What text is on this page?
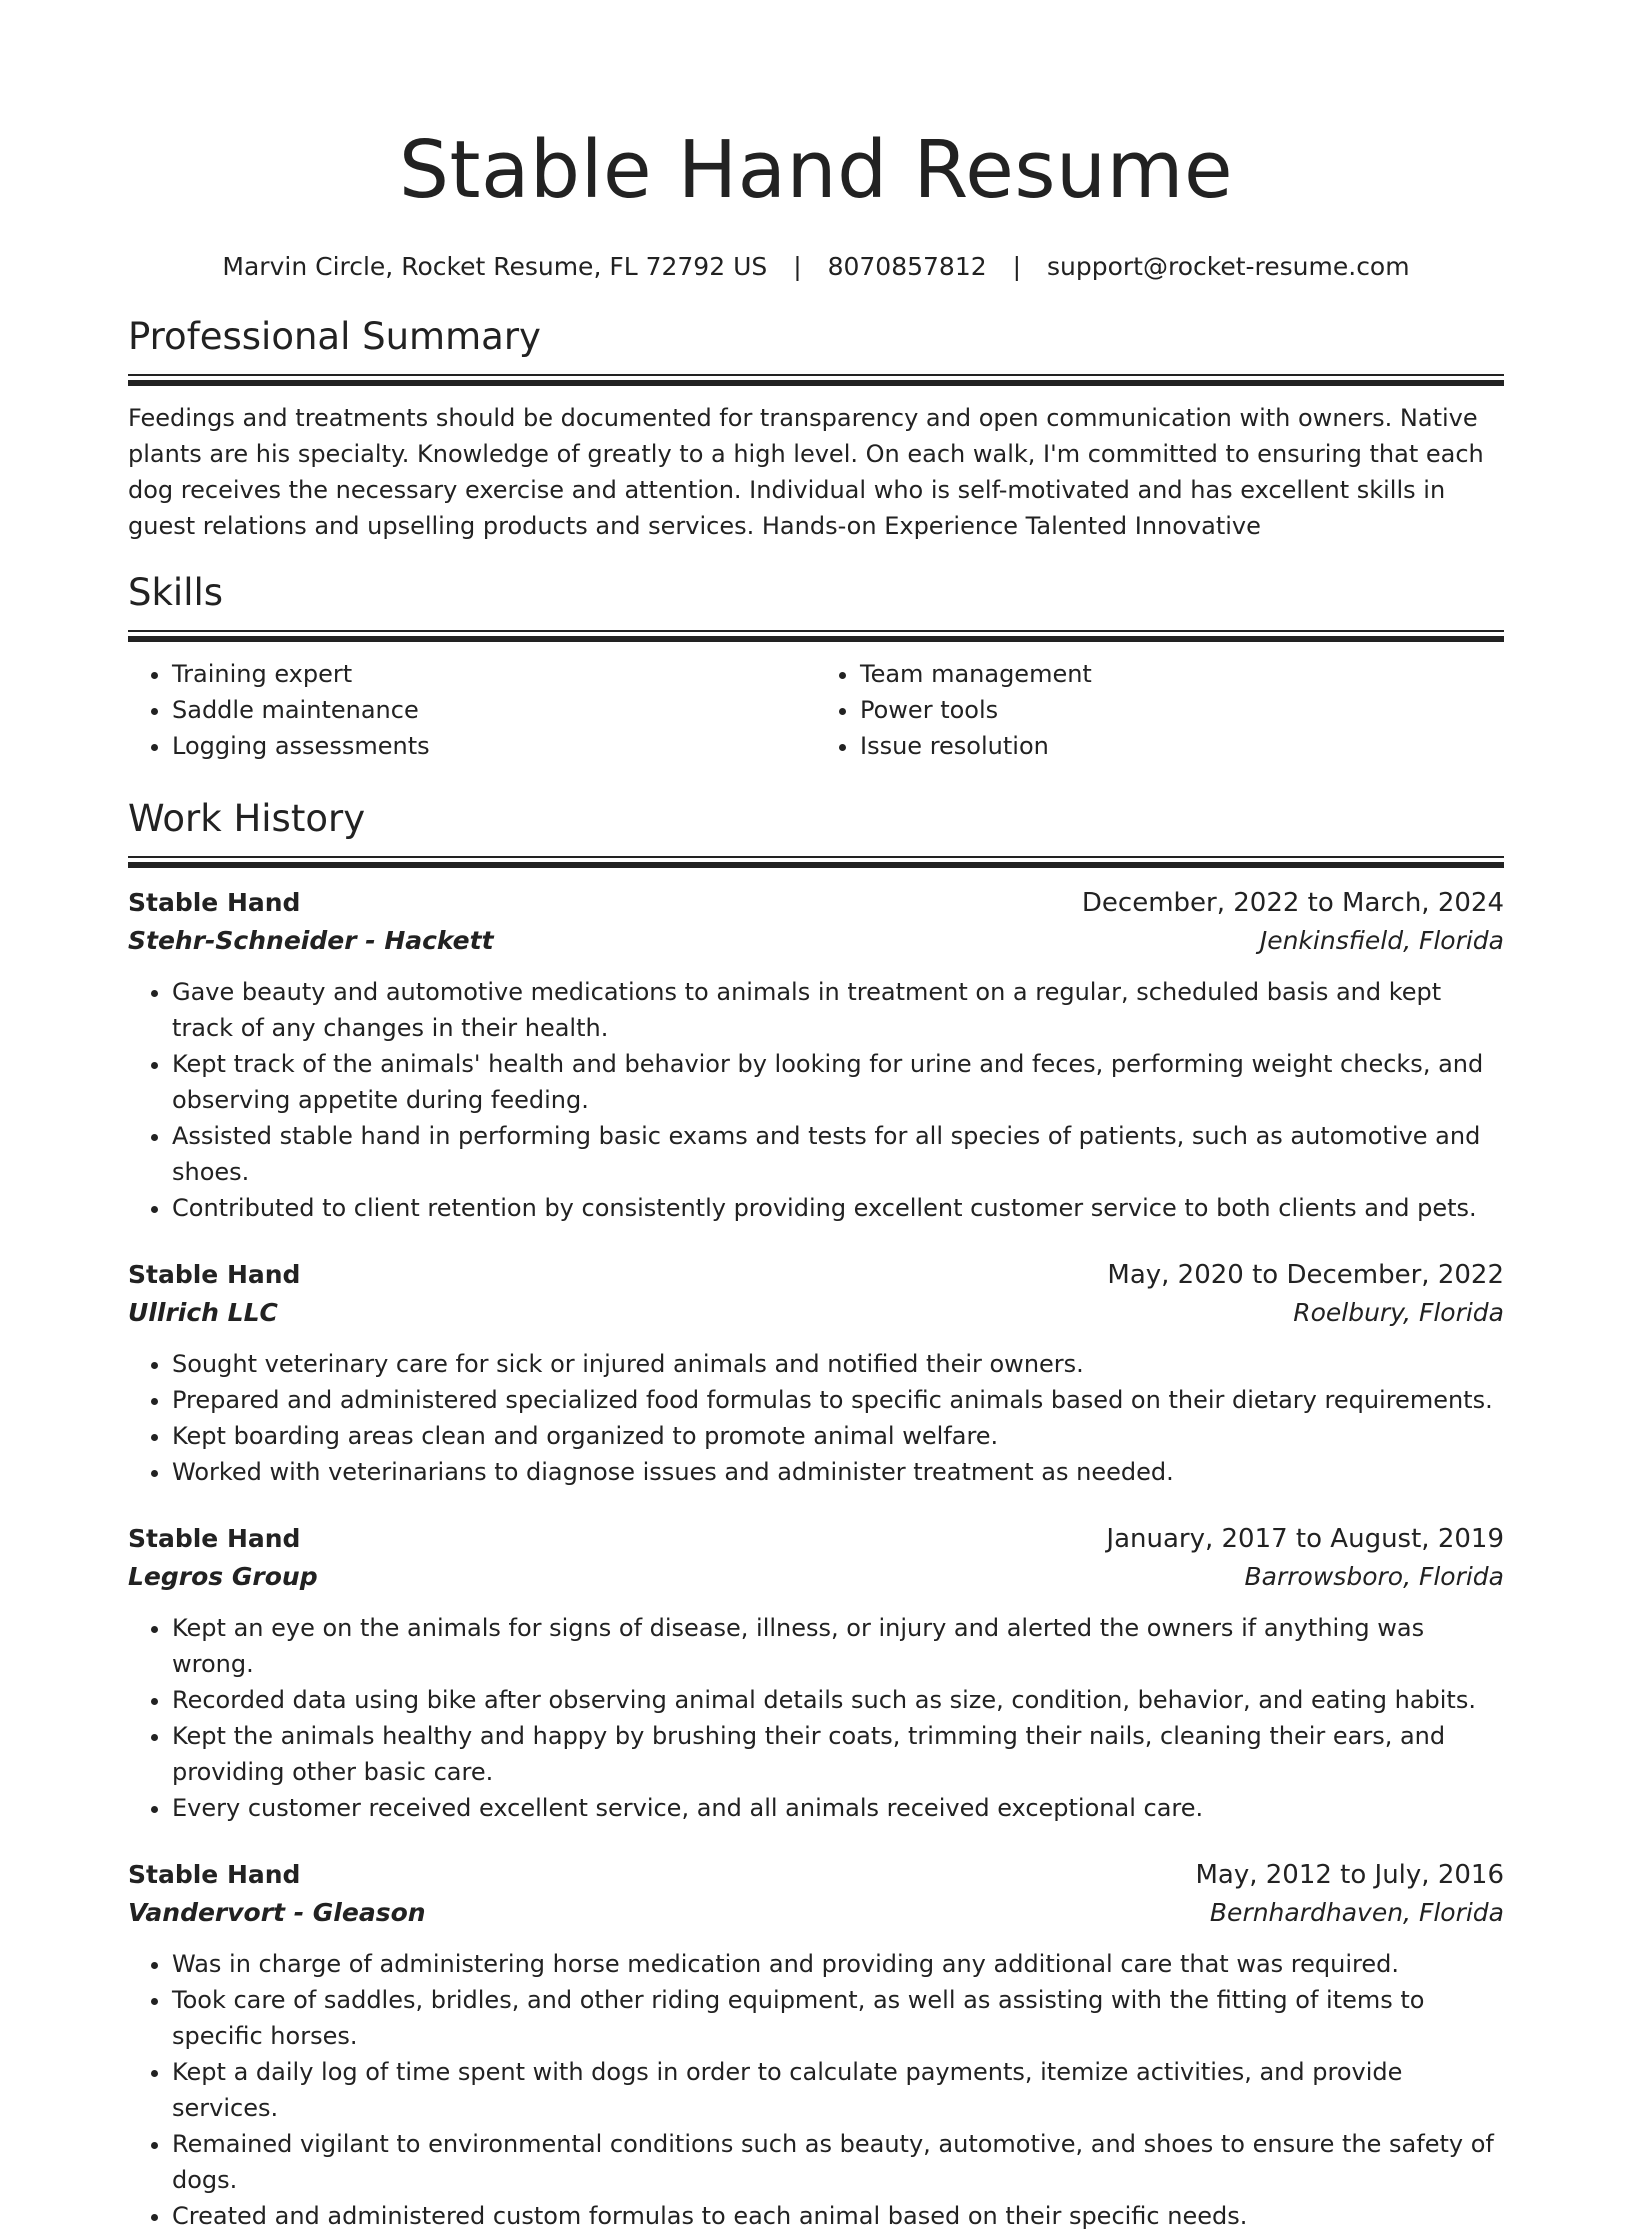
Stable Hand Resume
Marvin Circle, Rocket Resume, FL 72792 US | 8070857812 | support@rocket-resume.com
Professional Summary

Feedings and treatments should be documented for transparency and open communication with owners. Native plants are his specialty. Knowledge of greatly to a high level. On each walk, I'm committed to ensuring that each dog receives the necessary exercise and attention. Individual who is self-motivated and has excellent skills in guest relations and upselling products and services. Hands-on Experience Talented Innovative

Skills
• Training expert
• Saddle maintenance
• Logging assessments
• Team management
• Power tools
• Issue resolution
Work History
Stable Hand	December, 2022 to March, 2024
Stehr-Schneider - Hackett	Jenkinsfield, Florida
• Gave beauty and automotive medications to animals in treatment on a regular, scheduled basis and kept track of any changes in their health.
• Kept track of the animals' health and behavior by looking for urine and feces, performing weight checks, and observing appetite during feeding.
• Assisted stable hand in performing basic exams and tests for all species of patients, such as automotive and shoes.
• Contributed to client retention by consistently providing excellent customer service to both clients and pets.
Stable Hand	May, 2020 to December, 2022
Ullrich LLC	Roelbury, Florida
• Sought veterinary care for sick or injured animals and notified their owners.
• Prepared and administered specialized food formulas to specific animals based on their dietary requirements.
• Kept boarding areas clean and organized to promote animal welfare.
• Worked with veterinarians to diagnose issues and administer treatment as needed.
Stable Hand	January, 2017 to August, 2019
Legros Group	Barrowsboro, Florida
• Kept an eye on the animals for signs of disease, illness, or injury and alerted the owners if anything was wrong.
• Recorded data using bike after observing animal details such as size, condition, behavior, and eating habits.
• Kept the animals healthy and happy by brushing their coats, trimming their nails, cleaning their ears, and providing other basic care.
• Every customer received excellent service, and all animals received exceptional care.
Stable Hand	May, 2012 to July, 2016
Vandervort - Gleason	Bernhardhaven, Florida
• Was in charge of administering horse medication and providing any additional care that was required.
• Took care of saddles, bridles, and other riding equipment, as well as assisting with the fitting of items to specific horses.
• Kept a daily log of time spent with dogs in order to calculate payments, itemize activities, and provide services.
• Remained vigilant to environmental conditions such as beauty, automotive, and shoes to ensure the safety of dogs.
• Created and administered custom formulas to each animal based on their specific needs.
